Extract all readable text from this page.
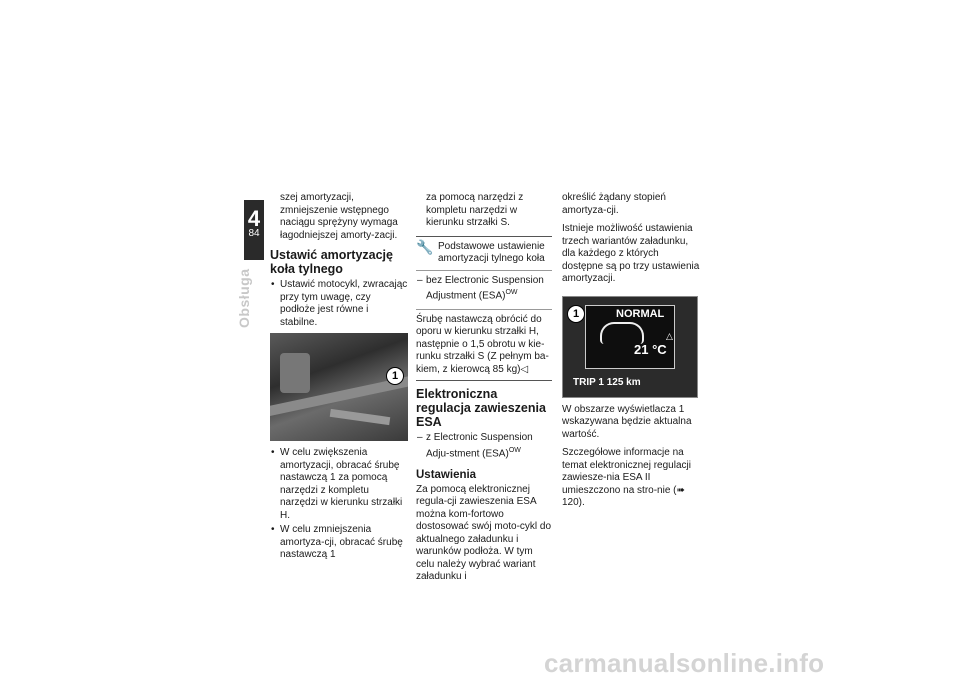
4
84
Obsługa

szej amortyzacji, zmniejszenie wstępnego naciągu sprężyny wymaga łagodniejszej amorty-zacji.

Ustawić amortyzację koła tylnego
• Ustawić motocykl, zwracając przy tym uwagę, czy podłoże jest równe i stabilne.
1
• W celu zwiększenia amortyzacji, obracać śrubę nastawczą 1 za pomocą narzędzi z kompletu narzędzi w kierunku strzałki H.
• W celu zmniejszenia amortyza-cji, obracać śrubę nastawczą 1

za pomocą narzędzi z kompletu narzędzi w kierunku strzałki S.

🔧 Podstawowe ustawienie amortyzacji tylnego koła
– bez Electronic Suspension Adjustment (ESA)$^{OW}$
Śrubę nastawczą obrócić do oporu w kierunku strzałki H, następnie o 1,5 obrotu w kie-runku strzałki S (Z pełnym ba-kiem, z kierowcą 85 kg)◁
Elektroniczna regulacja zawieszenia ESA
– z Electronic Suspension Adju-stment (ESA)$^{OW}$
Ustawienia

Za pomocą elektronicznej regula-cji zawieszenia ESA można kom-fortowo dostosować swój moto-cykl do aktualnego załadunku i warunków podłoża. W tym celu należy wybrać wariant załadunku i

określić żądany stopień amortyza-cji.

Istnieje możliwość ustawienia trzech wariantów załadunku, dla każdego z których dostępne są po trzy ustawienia amortyzacji.

1	NORMAL
△
21 °C
TRIP 1 125 km

W obszarze wyświetlacza 1 wskazywana będzie aktualna wartość.

Szczegółowe informacje na temat elektronicznej regulacji zawiesze-nia ESA II umieszczono na stro-nie (➠ 120).

carmanualsonline.info
